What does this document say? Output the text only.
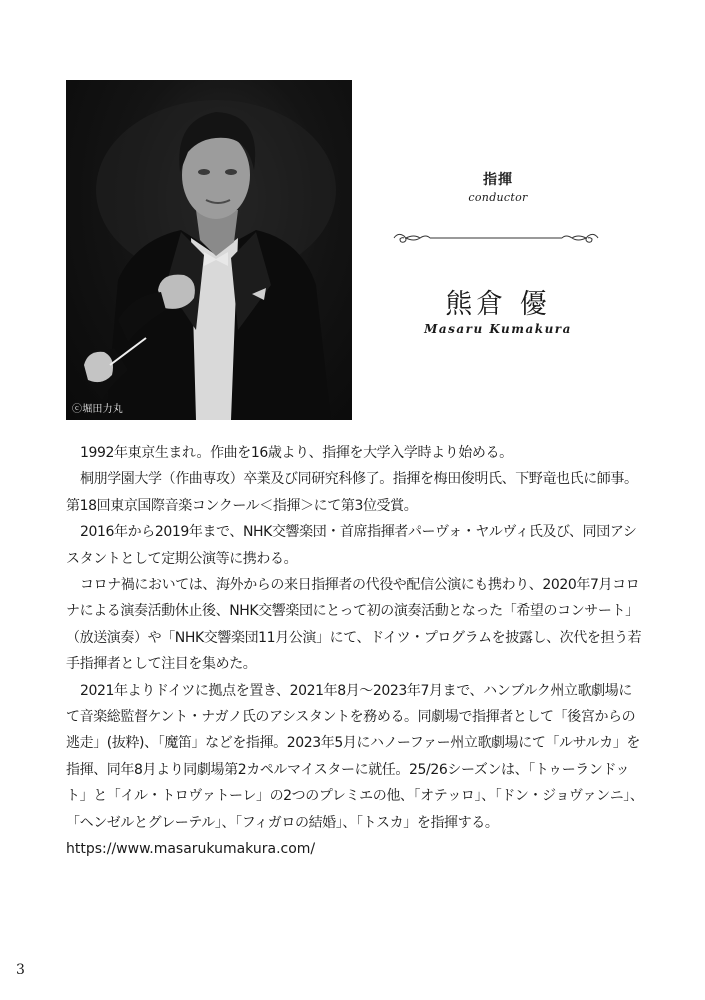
ⓒ堀田力丸
指揮
conductor
熊倉 優
Masaru Kumakura

1992年東京生まれ。作曲を16歳より、指揮を大学入学時より始める。

桐朋学園大学（作曲専攻）卒業及び同研究科修了。指揮を梅田俊明氏、下野竜也氏に師事。第18回東京国際音楽コンクール＜指揮＞にて第3位受賞。

2016年から2019年まで、NHK交響楽団・首席指揮者パーヴォ・ヤルヴィ氏及び、同団アシスタントとして定期公演等に携わる。

コロナ禍においては、海外からの来日指揮者の代役や配信公演にも携わり、2020年7月コロナによる演奏活動休止後、NHK交響楽団にとって初の演奏活動となった「希望のコンサート」（放送演奏）や「NHK交響楽団11月公演」にて、ドイツ・プログラムを披露し、次代を担う若手指揮者として注目を集めた。

2021年よりドイツに拠点を置き、2021年8月〜2023年7月まで、ハンブルク州立歌劇場にて音楽総監督ケント・ナガノ氏のアシスタントを務める。同劇場で指揮者として「後宮からの逃走」(抜粋)、「魔笛」などを指揮。2023年5月にハノーファー州立歌劇場にて「ルサルカ」を指揮、同年8月より同劇場第2カペルマイスターに就任。25/26シーズンは、「トゥーランドット」と「イル・トロヴァトーレ」の2つのプレミエの他、「オテッロ」、「ドン・ジョヴァンニ」、「ヘンゼルとグレーテル」、「フィガロの結婚」、「トスカ」を指揮する。

https://www.masarukumakura.com/

3
